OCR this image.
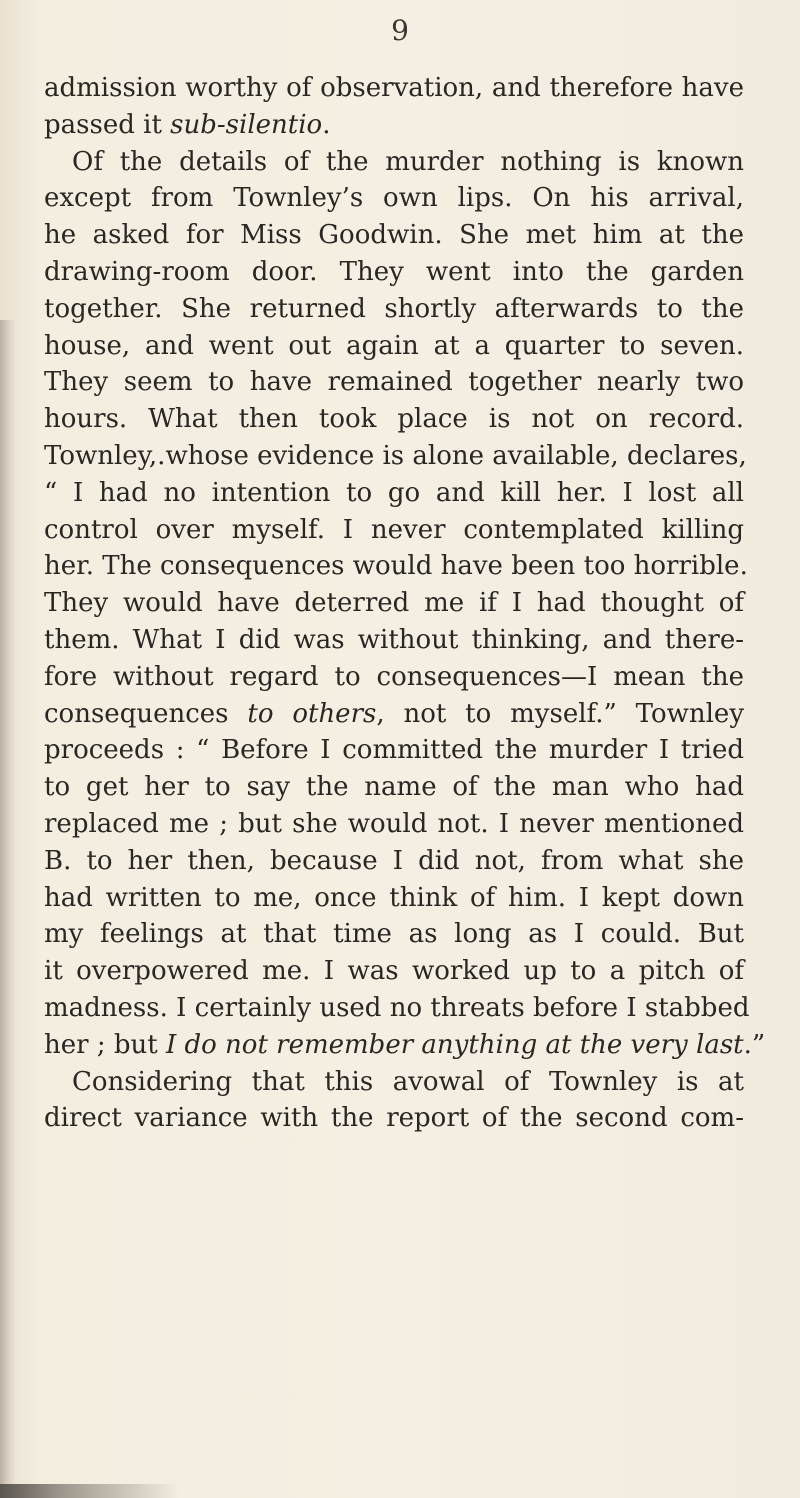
9
admission worthy of observation, and therefore have
passed it sub-silentio.
Of the details of the murder nothing is known
except from Townley’s own lips. On his arrival,
he asked for Miss Goodwin. She met him at the
drawing-room door. They went into the garden
together. She returned shortly afterwards to the
house, and went out again at a quarter to seven.
They seem to have remained together nearly two
hours. What then took place is not on record.
Townley,.whose evidence is alone available, declares,
“ I had no intention to go and kill her. I lost all
control over myself. I never contemplated killing
her. The consequences would have been too horrible.
They would have deterred me if I had thought of
them. What I did was without thinking, and there-
fore without regard to consequences—I mean the
consequences to others, not to myself.” Townley
proceeds : “ Before I committed the murder I tried
to get her to say the name of the man who had
replaced me ; but she would not. I never mentioned
B. to her then, because I did not, from what she
had written to me, once think of him. I kept down
my feelings at that time as long as I could. But
it overpowered me. I was worked up to a pitch of
madness. I certainly used no threats before I stabbed
her ; but I do not remember anything at the very last.”
Considering that this avowal of Townley is at
direct variance with the report of the second com-
